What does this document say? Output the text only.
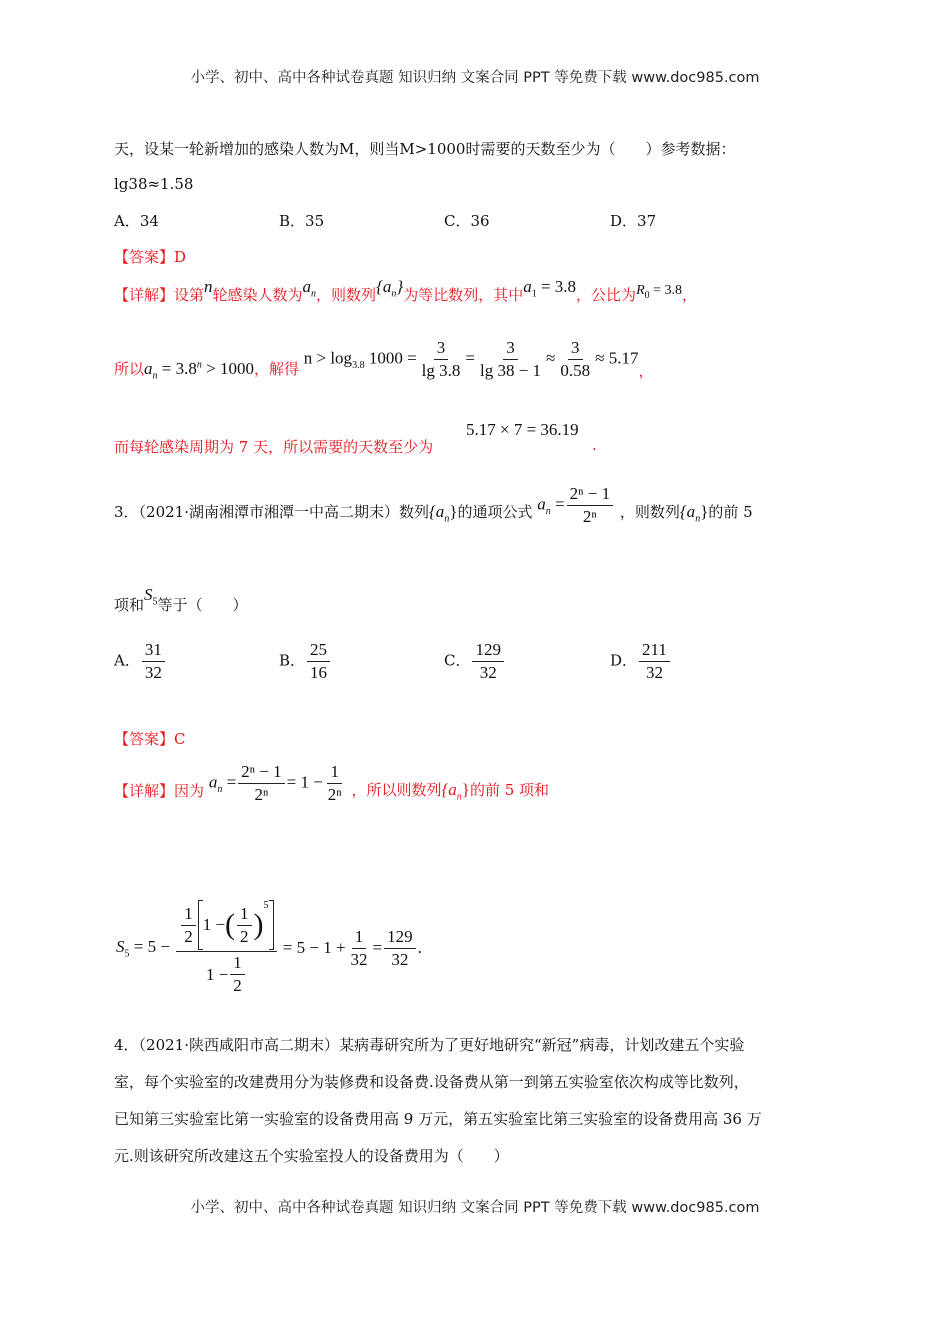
小学、初中、高中各种试卷真题 知识归纳 文案合同 PPT 等免费下载 www.doc985.com
天，设某一轮新增加的感染人数为M，则当M>1000时需要的天数至少为（　　）参考数据：
lg38≈1.58
A．34	B．35	C．36	D．37
【答案】D
【详解】设第n轮感染人数为$a_n$，则数列$\{a_n\}$为等比数列，其中$a_1 = 3.8$，公比为$R_0 = 3.8$，
所以$a_n = 3.8^n > 1000$，解得 $n > \log_{3.8} 1000 = \frac{3}{\lg 3.8} = \frac{3}{\lg 38 - 1} \approx \frac{3}{0.58} \approx 5.17$，
而每轮感染周期为 7 天，所以需要的天数至少为
5.17 × 7 = 36.19
.
3．（2021·湖南湘潭市湘潭一中高二期末）数列$\{a_n\}$的通项公式 $a_n = \frac{\text{2ⁿ − 1}}{\text{2ⁿ}}$ ，则数列$\{a_n\}$的前 5
项和$S_5$等于（　　）
A． $\frac{31}{32}$	B． $\frac{25}{16}$	C． $\frac{129}{32}$	D． $\frac{211}{32}$
【答案】C
【详解】因为 $a_n = \frac{\text{2ⁿ − 1}}{\text{2ⁿ}} = 1 - \frac{1}{\text{2ⁿ}}$ ，所以则数列$\{a_n\}$的前 5 项和
$S_5 = 5 - \frac{1}{2} 1$ − ( $\frac{1}{2}$ )
$^5$
$1 - \frac{1}{2} = 5 - 1 + \frac{1}{32} = \frac{129}{32}$ .
4．（2021·陕西咸阳市高二期末）某病毒研究所为了更好地研究“新冠”病毒，计划改建五个实验
室，每个实验室的改建费用分为装修费和设备费.设备费从第一到第五实验室依次构成等比数列，
已知第三实验室比第一实验室的设备费用高 9 万元，第五实验室比第三实验室的设备费用高 36 万
元.则该研究所改建这五个实验室投人的设备费用为（　　）
小学、初中、高中各种试卷真题 知识归纳 文案合同 PPT 等免费下载 www.doc985.com
